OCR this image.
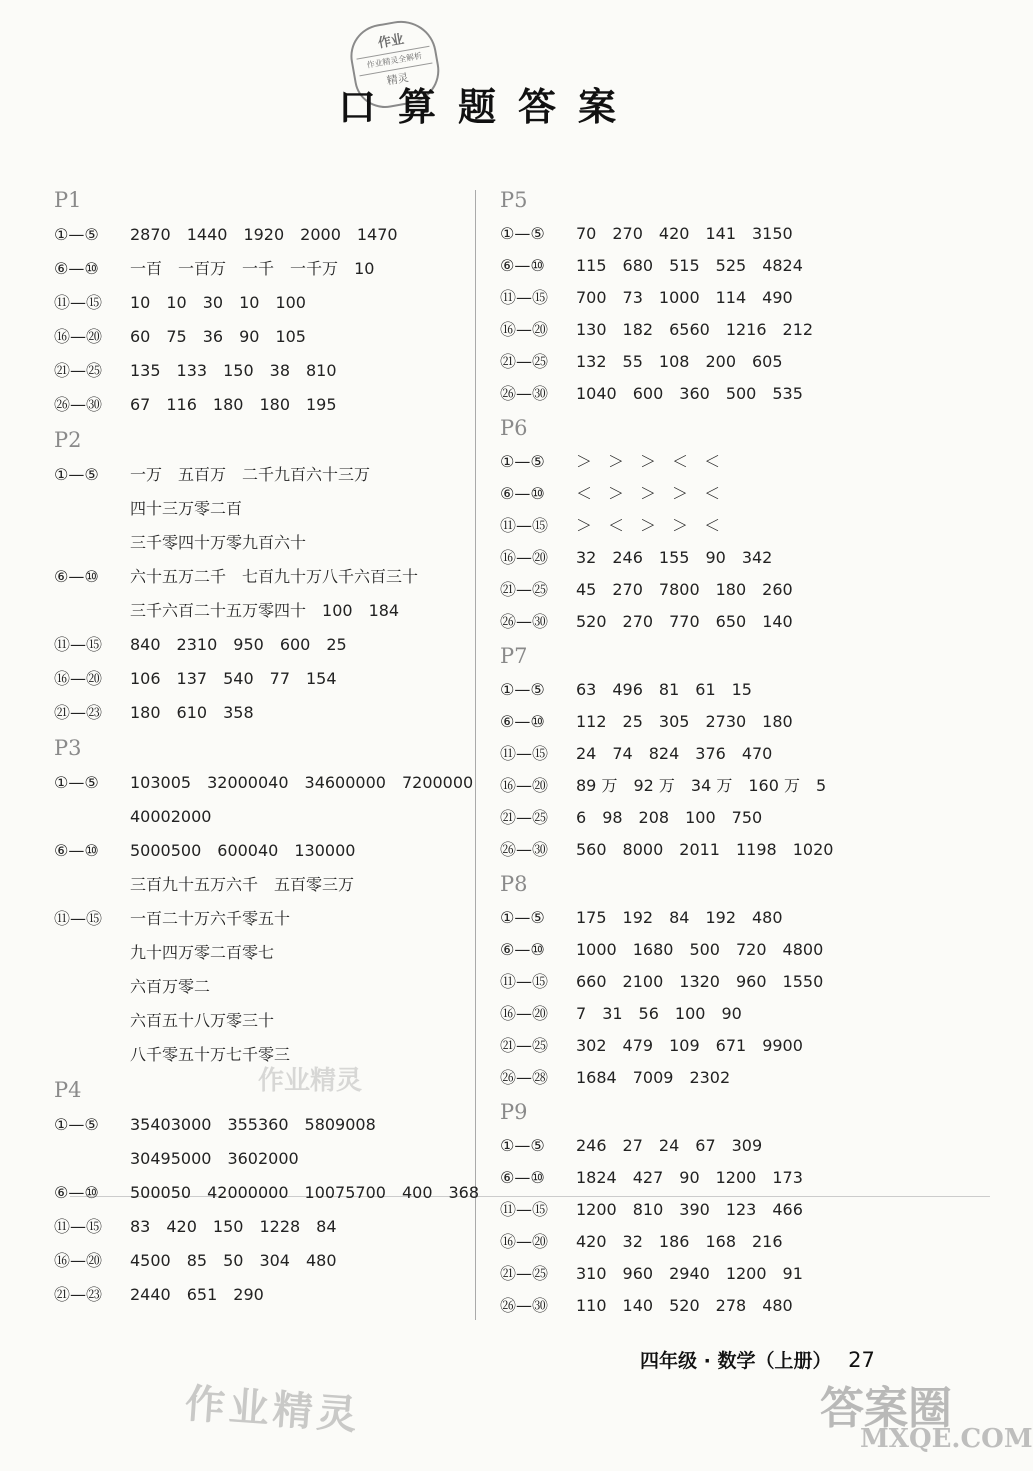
作业
作业精灵全解析
精灵
口算题答案
P1
①—⑤	2870 1440 1920 2000 1470
⑥—⑩	一百 一百万 一千 一千万 10
⑪—⑮	10 10 30 10 100
⑯—⑳	60 75 36 90 105
㉑—㉕	135 133 150 38 810
㉖—㉚	67 116 180 180 195
P2
①—⑤	一万 五百万 二千九百六十三万
四十三万零二百
三千零四十万零九百六十
⑥—⑩	六十五万二千 七百九十万八千六百三十
三千六百二十五万零四十 100 184
⑪—⑮	840 2310 950 600 25
⑯—⑳	106 137 540 77 154
㉑—㉓	180 610 358
P3
①—⑤	103005 32000040 34600000 7200000
40002000
⑥—⑩	5000500 600040 130000
三百九十五万六千 五百零三万
⑪—⑮	一百二十万六千零五十
九十四万零二百零七
六百万零二
六百五十八万零三十
八千零五十万七千零三
P4
①—⑤	35403000 355360 5809008
30495000 3602000
⑥—⑩	500050 42000000 10075700 400 368
⑪—⑮	83 420 150 1228 84
⑯—⑳	4500 85 50 304 480
㉑—㉓	2440 651 290
P5
①—⑤	70 270 420 141 3150
⑥—⑩	115 680 515 525 4824
⑪—⑮	700 73 1000 114 490
⑯—⑳	130 182 6560 1216 212
㉑—㉕	132 55 108 200 605
㉖—㉚	1040 600 360 500 535
P6
①—⑤	＞ ＞ ＞ ＜ ＜
⑥—⑩	＜ ＞ ＞ ＞ ＜
⑪—⑮	＞ ＜ ＞ ＞ ＜
⑯—⑳	32 246 155 90 342
㉑—㉕	45 270 7800 180 260
㉖—㉚	520 270 770 650 140
P7
①—⑤	63 496 81 61 15
⑥—⑩	112 25 305 2730 180
⑪—⑮	24 74 824 376 470
⑯—⑳	89 万 92 万 34 万 160 万 5
㉑—㉕	6 98 208 100 750
㉖—㉚	560 8000 2011 1198 1020
P8
①—⑤	175 192 84 192 480
⑥—⑩	1000 1680 500 720 4800
⑪—⑮	660 2100 1320 960 1550
⑯—⑳	7 31 56 100 90
㉑—㉕	302 479 109 671 9900
㉖—㉘	1684 7009 2302
P9
①—⑤	246 27 24 67 309
⑥—⑩	1824 427 90 1200 173
⑪—⑮	1200 810 390 123 466
⑯—⑳	420 32 186 168 216
㉑—㉕	310 960 2940 1200 91
㉖—㉚	110 140 520 278 480
作业精灵
四年级 · 数学（上册） 27
作业精灵	答案圈
MXQE.COM
